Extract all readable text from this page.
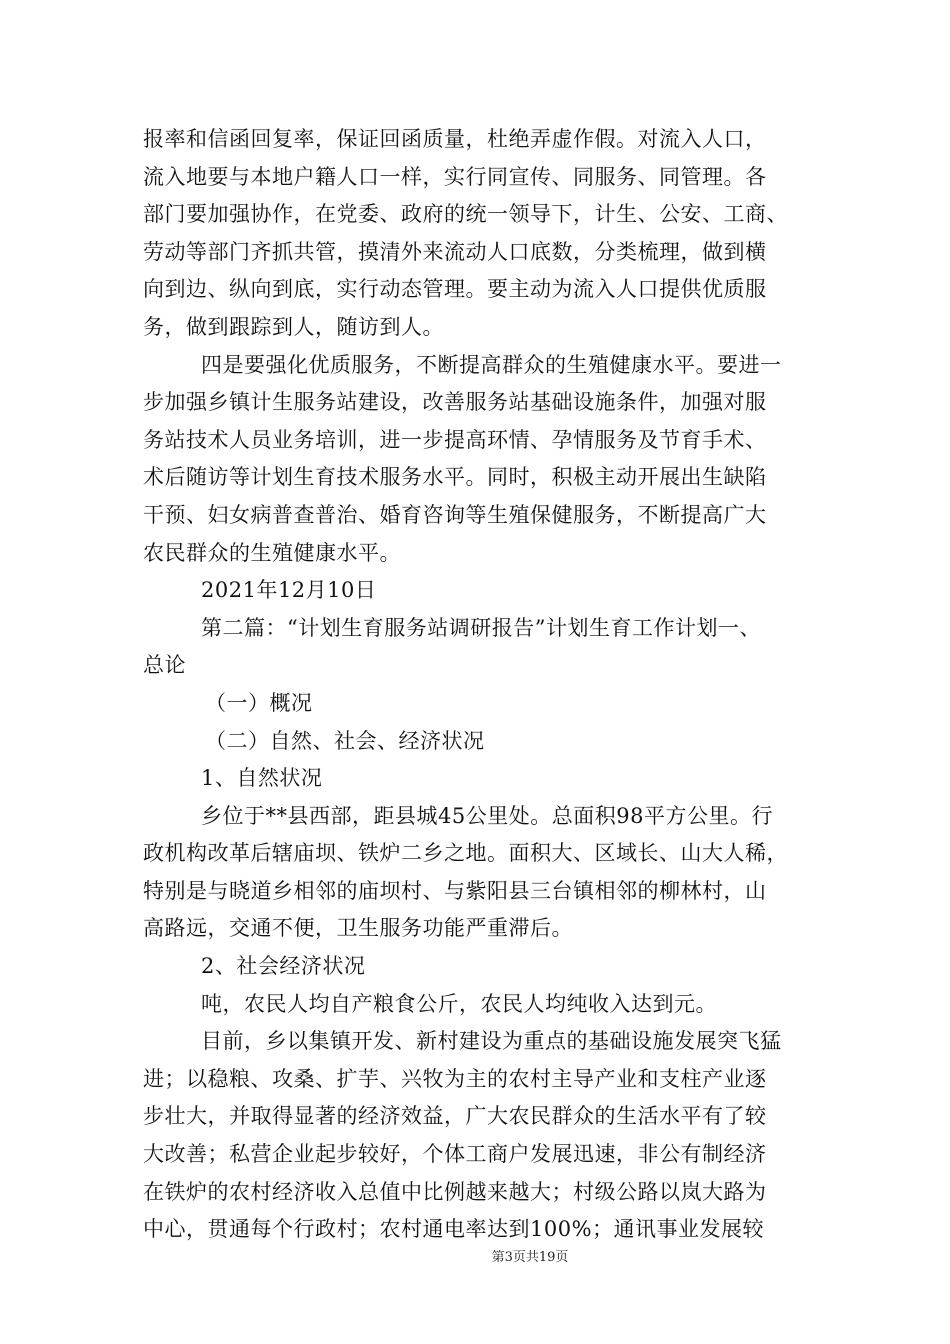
报率和信函回复率，保证回函质量，杜绝弄虚作假。对流入人口，
流入地要与本地户籍人口一样，实行同宣传、同服务、同管理。各
部门要加强协作，在党委、政府的统一领导下，计生、公安、工商、
劳动等部门齐抓共管，摸清外来流动人口底数，分类梳理，做到横
向到边、纵向到底，实行动态管理。要主动为流入人口提供优质服
务，做到跟踪到人，随访到人。
四是要强化优质服务，不断提高群众的生殖健康水平。要进一
步加强乡镇计生服务站建设，改善服务站基础设施条件，加强对服
务站技术人员业务培训，进一步提高环情、孕情服务及节育手术、
术后随访等计划生育技术服务水平。同时，积极主动开展出生缺陷
干预、妇女病普查普治、婚育咨询等生殖保健服务，不断提高广大
农民群众的生殖健康水平。
2021年12月10日
第二篇：“计划生育服务站调研报告”计划生育工作计划一、
总论
（一）概况
（二）自然、社会、经济状况
1、自然状况
乡位于**县西部，距县城45公里处。总面积98平方公里。行
政机构改革后辖庙坝、铁炉二乡之地。面积大、区域长、山大人稀，
特别是与晓道乡相邻的庙坝村、与紫阳县三台镇相邻的柳林村，山
高路远，交通不便，卫生服务功能严重滞后。
2、社会经济状况
吨，农民人均自产粮食公斤，农民人均纯收入达到元。
目前，乡以集镇开发、新村建设为重点的基础设施发展突飞猛
进；以稳粮、攻桑、扩芋、兴牧为主的农村主导产业和支柱产业逐
步壮大，并取得显著的经济效益，广大农民群众的生活水平有了较
大改善；私营企业起步较好，个体工商户发展迅速，非公有制经济
在铁炉的农村经济收入总值中比例越来越大；村级公路以岚大路为
中心，贯通每个行政村；农村通电率达到100%；通讯事业发展较
第3页共19页
